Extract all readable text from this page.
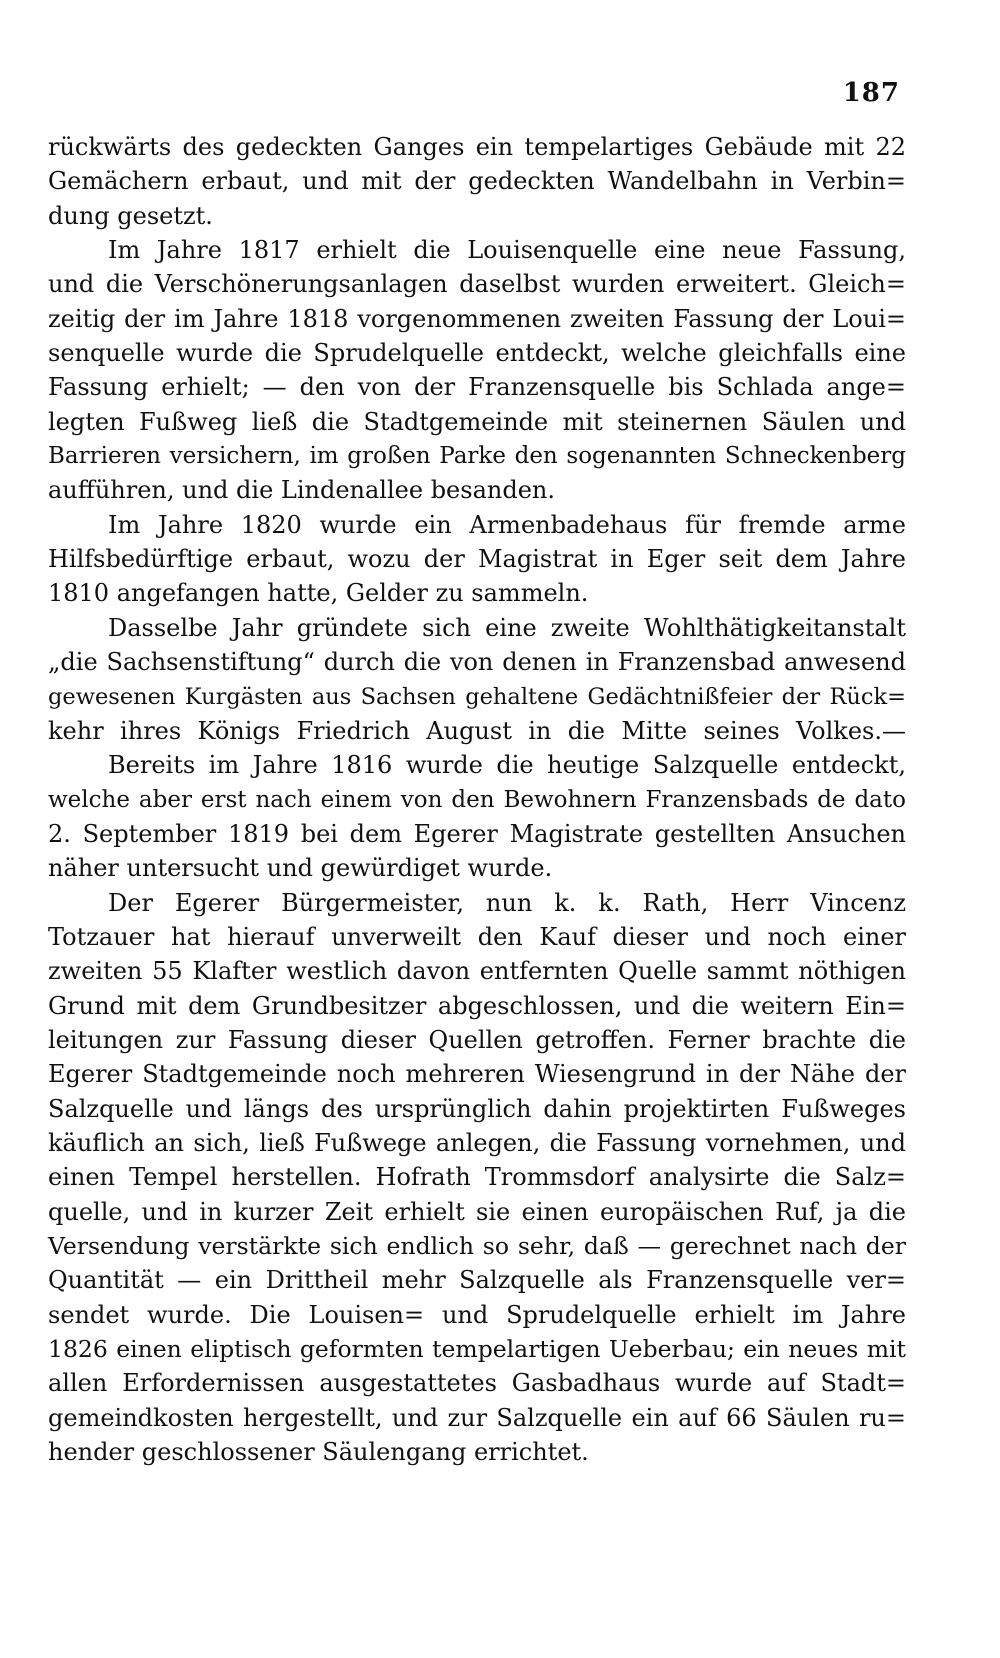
187
rückwärts des gedeckten Ganges ein tempelartiges Gebäude mit 22
Gemächern erbaut, und mit der gedeckten Wandelbahn in Verbin=
dung gesetzt.
Im Jahre 1817 erhielt die Louisenquelle eine neue Fassung,
und die Verschönerungsanlagen daselbst wurden erweitert. Gleich=
zeitig der im Jahre 1818 vorgenommenen zweiten Fassung der Loui=
senquelle wurde die Sprudelquelle entdeckt, welche gleichfalls eine
Fassung erhielt; — den von der Franzensquelle bis Schlada ange=
legten Fußweg ließ die Stadtgemeinde mit steinernen Säulen und
Barrieren versichern, im großen Parke den sogenannten Schneckenberg
aufführen, und die Lindenallee besanden.
Im Jahre 1820 wurde ein Armenbadehaus für fremde arme
Hilfsbedürftige erbaut, wozu der Magistrat in Eger seit dem Jahre
1810 angefangen hatte, Gelder zu sammeln.
Dasselbe Jahr gründete sich eine zweite Wohlthätigkeitanstalt
„die Sachsenstiftung“ durch die von denen in Franzensbad anwesend
gewesenen Kurgästen aus Sachsen gehaltene Gedächtnißfeier der Rück=
kehr ihres Königs Friedrich August in die Mitte seines Volkes.—
Bereits im Jahre 1816 wurde die heutige Salzquelle entdeckt,
welche aber erst nach einem von den Bewohnern Franzensbads de dato
2. September 1819 bei dem Egerer Magistrate gestellten Ansuchen
näher untersucht und gewürdiget wurde.
Der Egerer Bürgermeister, nun k. k. Rath, Herr Vincenz
Totzauer hat hierauf unverweilt den Kauf dieser und noch einer
zweiten 55 Klafter westlich davon entfernten Quelle sammt nöthigen
Grund mit dem Grundbesitzer abgeschlossen, und die weitern Ein=
leitungen zur Fassung dieser Quellen getroffen. Ferner brachte die
Egerer Stadtgemeinde noch mehreren Wiesengrund in der Nähe der
Salzquelle und längs des ursprünglich dahin projektirten Fußweges
käuflich an sich, ließ Fußwege anlegen, die Fassung vornehmen, und
einen Tempel herstellen. Hofrath Trommsdorf analysirte die Salz=
quelle, und in kurzer Zeit erhielt sie einen europäischen Ruf, ja die
Versendung verstärkte sich endlich so sehr, daß — gerechnet nach der
Quantität — ein Drittheil mehr Salzquelle als Franzensquelle ver=
sendet wurde. Die Louisen= und Sprudelquelle erhielt im Jahre
1826 einen eliptisch geformten tempelartigen Ueberbau; ein neues mit
allen Erfordernissen ausgestattetes Gasbadhaus wurde auf Stadt=
gemeindkosten hergestellt, und zur Salzquelle ein auf 66 Säulen ru=
hender geschlossener Säulengang errichtet.
